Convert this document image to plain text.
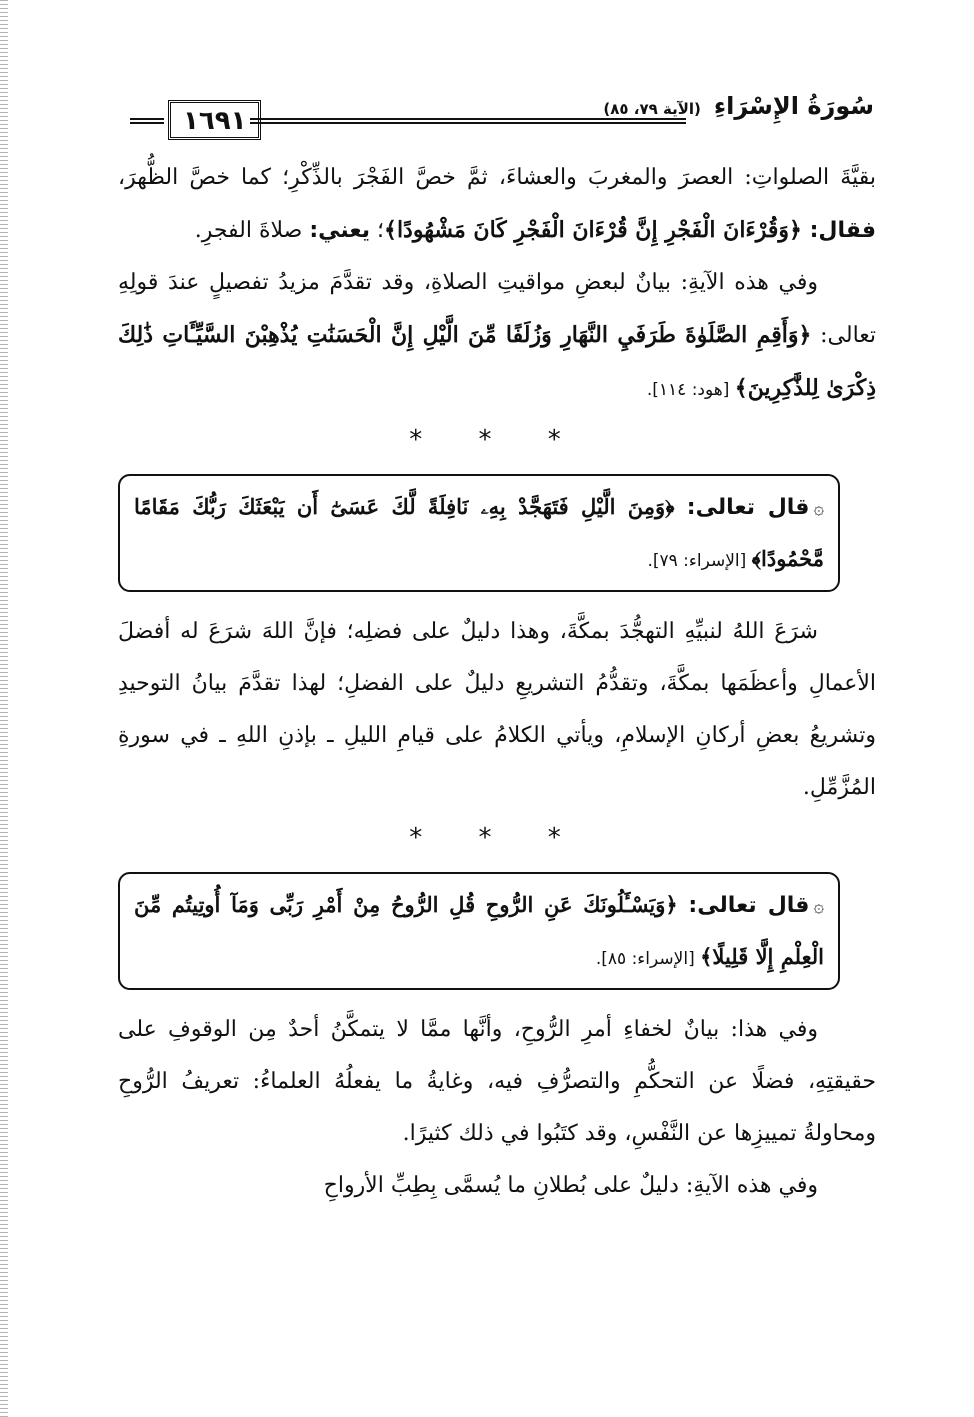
سُورَةُ الإِسْرَاءِ (الآية ٧٩، ٨٥)
١٦٩١

بقيَّةَ الصلواتِ: العصرَ والمغربَ والعشاءَ، ثمَّ خصَّ الفَجْرَ بالذِّكْرِ؛ كما خصَّ الظُّهرَ، فقال: ﴿وَقُرْءَانَ الْفَجْرِ إِنَّ قُرْءَانَ الْفَجْرِ كَانَ مَشْهُودًا﴾؛ يعني: صلاةَ الفجرِ.

وفي هذه الآيةِ: بيانٌ لبعضِ مواقيتِ الصلاةِ، وقد تقدَّمَ مزيدُ تفصيلٍ عندَ قولِهِ تعالى: ﴿وَأَقِمِ الصَّلَوٰةَ طَرَفَيِ النَّهَارِ وَزُلَفًا مِّنَ الَّيْلِ إِنَّ الْحَسَنَٰتِ يُذْهِبْنَ السَّيِّـَٔاتِ ذَٰلِكَ ذِكْرَىٰ لِلذَّٰكِرِينَ﴾ [هود: ١١٤].

* * *
۞قال تعالى: ﴿وَمِنَ الَّيْلِ فَتَهَجَّدْ بِهِۦ نَافِلَةً لَّكَ عَسَىٰٓ أَن يَبْعَثَكَ رَبُّكَ مَقَامًا مَّحْمُودًا﴾ [الإسراء: ٧٩].

شرَعَ اللهُ لنبيِّهِ التهجُّدَ بمكَّةَ، وهذا دليلٌ على فضلِه؛ فإنَّ اللهَ شرَعَ له أفضلَ الأعمالِ وأعظَمَها بمكَّةَ، وتقدُّمُ التشريعِ دليلٌ على الفضلِ؛ لهذا تقدَّمَ بيانُ التوحيدِ وتشريعُ بعضِ أركانِ الإسلامِ، ويأتي الكلامُ على قيامِ الليلِ ـ بإذنِ اللهِ ـ في سورةِ المُزَّمِّلِ.

* * *
۞قال تعالى: ﴿وَيَسْـَٔلُونَكَ عَنِ الرُّوحِ قُلِ الرُّوحُ مِنْ أَمْرِ رَبِّى وَمَآ أُوتِيتُم مِّنَ الْعِلْمِ إِلَّا قَلِيلًا﴾ [الإسراء: ٨٥].

وفي هذا: بيانٌ لخفاءِ أمرِ الرُّوحِ، وأنَّها ممَّا لا يتمكَّنُ أحدٌ مِن الوقوفِ على حقيقتِهِ، فضلًا عن التحكُّمِ والتصرُّفِ فيه، وغايةُ ما يفعلُهُ العلماءُ: تعريفُ الرُّوحِ ومحاولةُ تمييزِها عن النَّفْسِ، وقد كتَبُوا في ذلك كثيرًا.

وفي هذه الآيةِ: دليلٌ على بُطلانِ ما يُسمَّى بِطِبِّ الأرواحِ
